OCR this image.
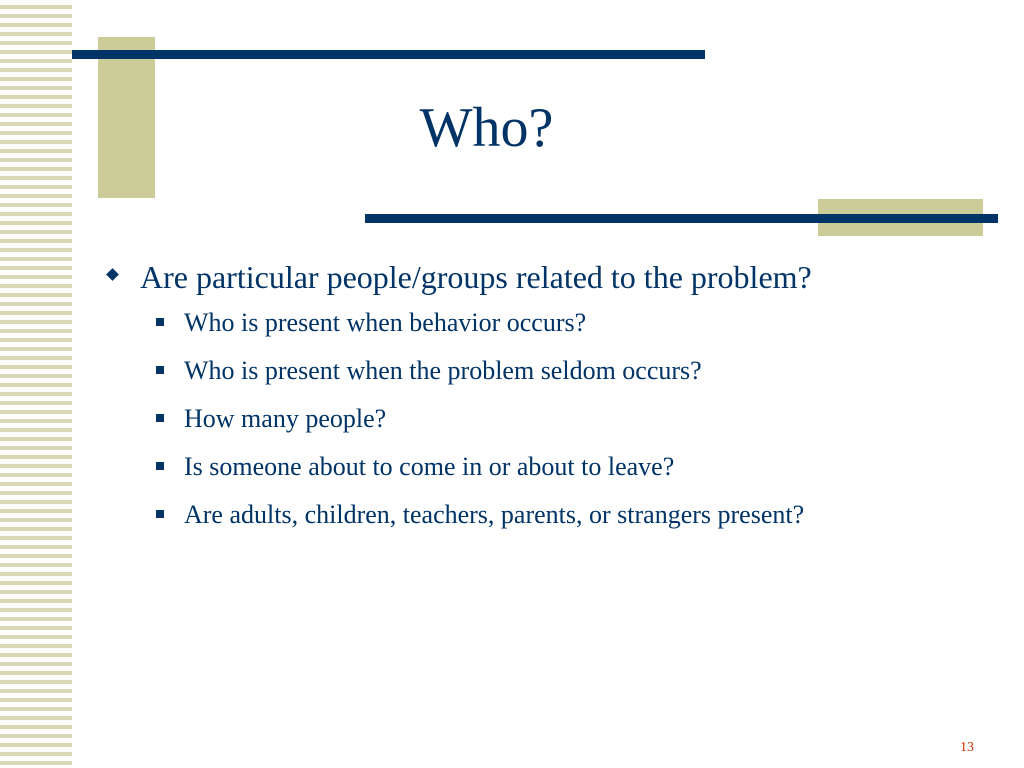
Who?
Are particular people/groups related to the problem?
Who is present when behavior occurs?
Who is present when the problem seldom occurs?
How many people?
Is someone about to come in or about to leave?
Are adults, children, teachers, parents, or strangers present?
13
